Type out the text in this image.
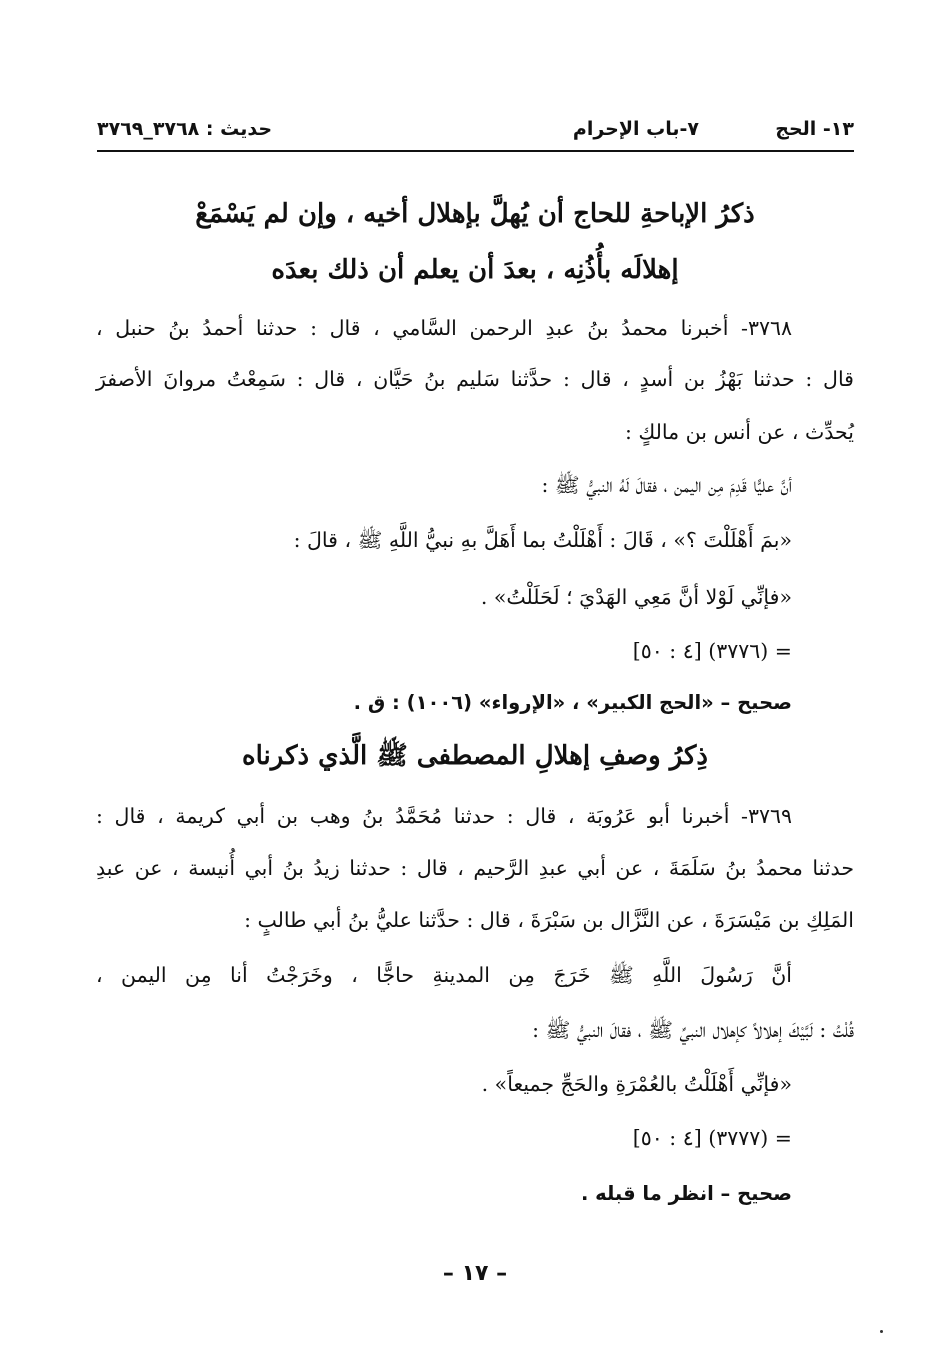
١٣- الحج
٧-باب الإحرام
حديث : ٣٧٦٨_٣٧٦٩
ذكرُ الإباحةِ للحاج أن يُهلَّ بإهلال أخيه ، وإن لم يَسْمَعْ
إهلالَه بأُذُنِه ، بعدَ أن يعلم أن ذلك بعدَه
٣٧٦٨- أخبرنا محمدُ بنُ عبدِ الرحمن السَّامي ، قال : حدثنا أحمدُ بنُ حنبل ،
قال : حدثنا بَهْزُ بن أسدٍ ، قال : حدَّثنا سَليم بنُ حَيَّان ، قال : سَمِعْتُ مروانَ الأصفرَ
يُحدِّث ، عن أنس بن مالكٍ :
أنَّ عليًّا قَدِمَ مِن اليمن ، فقالَ لَهُ النبيُّ ﷺ :
«بمَ أَهْلَلْتَ ؟» ، قَالَ : أَهْلَلْتُ بما أَهَلَّ بهِ نبيُّ اللَّهِ ﷺ ، قالَ :
«فإنِّي لَوْلا أنَّ مَعِي الهَدْيَ ؛ لَحَلَلْتُ» .
= (٣٧٧٦) [٤ : ٥٠]
صحيح – «الحج الكبير» ، «الإرواء» (١٠٠٦) : ق .
ذِكرُ وصفِ إهلالِ المصطفى ﷺ الَّذي ذكرناه
٣٧٦٩- أخبرنا أبو عَرُوبَة ، قال : حدثنا مُحَمَّدُ بنُ وهب بن أبي كريمة ، قال :
حدثنا محمدُ بنُ سَلَمَةَ ، عن أبي عبدِ الرَّحيم ، قال : حدثنا زيدُ بنُ أبي أُنيسة ، عن عبدِ
المَلِكِ بن مَيْسَرَةَ ، عن النَّزَّال بن سَبْرَةَ ، قال : حدَّثنا عليُّ بنُ أبي طالبٍ :
أنَّ رَسُولَ اللَّهِ ﷺ خَرَجَ مِن المدينةِ حاجًّا ، وخَرَجْتُ أنا مِن اليمن ،
قُلْتُ : لَبَّيْكَ إهلالاً كإهلال النبيِّ ﷺ ، فقالَ النبيُّ ﷺ :
«فإنِّي أَهْلَلْتُ بالعُمْرَةِ والحَجِّ جميعاً» .
= (٣٧٧٧) [٤ : ٥٠]
صحيح – انظر ما قبله .
– ١٧ –
